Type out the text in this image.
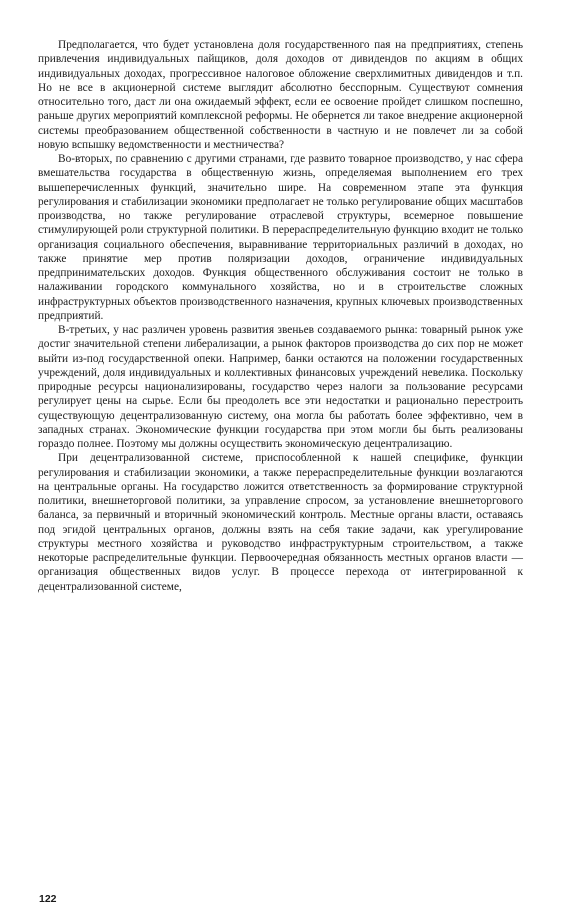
Предполагается, что будет установлена доля государственного пая на предприятиях, степень привлечения индивидуальных пайщиков, доля доходов от дивидендов по акциям в общих индивидуальных доходах, прогрессивное налоговое обложение сверхлимитных дивидендов и т.п. Но не все в акционерной системе выглядит абсолютно бесспорным. Существуют сомнения относительно того, даст ли она ожидаемый эффект, если ее освоение пройдет слишком поспешно, раньше других мероприятий комплексной реформы. Не обернется ли такое внедрение акционерной системы преобразованием общественной собственности в частную и не повлечет ли за собой новую вспышку ведомственности и местничества?

Во-вторых, по сравнению с другими странами, где развито товарное производство, у нас сфера вмешательства государства в общественную жизнь, определяемая выполнением его трех вышеперечисленных функций, значительно шире. На современном этапе эта функция регулирования и стабилизации экономики предполагает не только регулирование общих масштабов производства, но также регулирование отраслевой структуры, всемерное повышение стимулирующей роли структурной политики. В перераспределительную функцию входит не только организация социального обеспечения, выравнивание территориальных различий в доходах, но также принятие мер против поляризации доходов, ограничение индивидуальных предпринимательских доходов. Функция общественного обслуживания состоит не только в налаживании городского коммунального хозяйства, но и в строительстве сложных инфраструктурных объектов производственного назначения, крупных ключевых производственных предприятий.

В-третьих, у нас различен уровень развития звеньев создаваемого рынка: товарный рынок уже достиг значительной степени либерализации, а рынок факторов производства до сих пор не может выйти из-под государственной опеки. Например, банки остаются на положении государственных учреждений, доля индивидуальных и коллективных финансовых учреждений невелика. Поскольку природные ресурсы национализированы, государство через налоги за пользование ресурсами регулирует цены на сырье. Если бы преодолеть все эти недостатки и рационально перестроить существующую децентрализованную систему, она могла бы работать более эффективно, чем в западных странах. Экономические функции государства при этом могли бы быть реализованы гораздо полнее. Поэтому мы должны осуществить экономическую децентрализацию.

При децентрализованной системе, приспособленной к нашей специфике, функции регулирования и стабилизации экономики, а также перераспределительные функции возлагаются на центральные органы. На государство ложится ответственность за формирование структурной политики, внешнеторговой политики, за управление спросом, за установление внешнеторгового баланса, за первичный и вторичный экономический контроль. Местные органы власти, оставаясь под эгидой центральных органов, должны взять на себя такие задачи, как урегулирование структуры местного хозяйства и руководство инфраструктурным строительством, а также некоторые распределительные функции. Первоочередная обязанность местных органов власти — организация общественных видов услуг. В процессе перехода от интегрированной к децентрализованной системе,

122
